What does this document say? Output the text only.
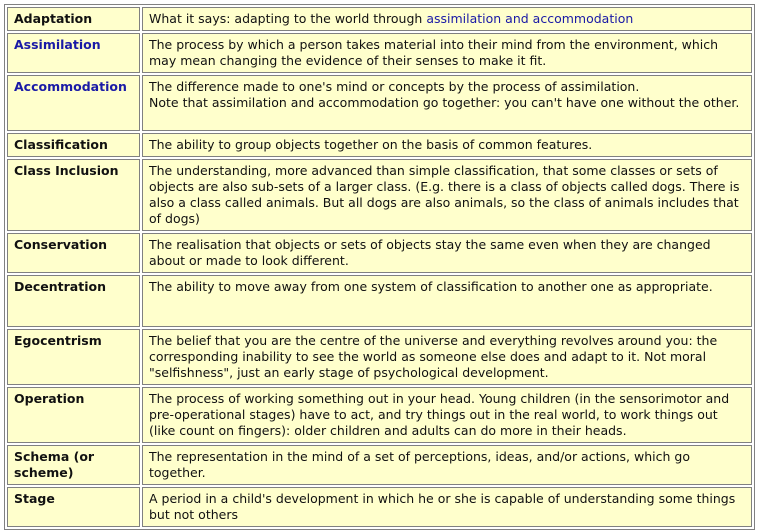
Adaptation	What it says: adapting to the world through assimilation and accommodation
Assimilation	The process by which a person takes material into their mind from the environment, which may mean changing the evidence of their senses to make it fit.
Accommodation	The difference made to one's mind or concepts by the process of assimilation.
Note that assimilation and accommodation go together: you can't have one without the other.

Classification	The ability to group objects together on the basis of common features.
Class Inclusion	The understanding, more advanced than simple classification, that some classes or sets of objects are also sub-sets of a larger class. (E.g. there is a class of objects called dogs. There is also a class called animals. But all dogs are also animals, so the class of animals includes that of dogs)
Conservation	The realisation that objects or sets of objects stay the same even when they are changed about or made to look different.
Decentration	The ability to move away from one system of classification to another one as appropriate.
Egocentrism	The belief that you are the centre of the universe and everything revolves around you: the corresponding inability to see the world as someone else does and adapt to it. Not moral "selfishness", just an early stage of psychological development.
Operation	The process of working something out in your head. Young children (in the sensorimotor and pre-operational stages) have to act, and try things out in the real world, to work things out (like count on fingers): older children and adults can do more in their heads.
Schema (or scheme)	The representation in the mind of a set of perceptions, ideas, and/or actions, which go together.
Stage	A period in a child's development in which he or she is capable of understanding some things but not others
